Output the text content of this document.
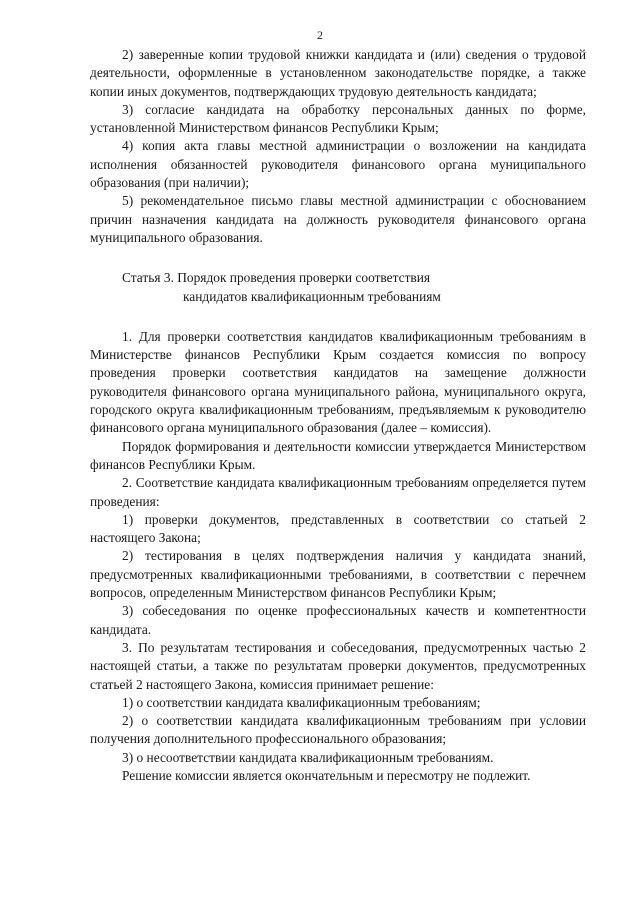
2

2) заверенные копии трудовой книжки кандидата и (или) сведения о трудовой деятельности, оформленные в установленном законодательстве порядке, а также копии иных документов, подтверждающих трудовую деятельность кандидата;

3) согласие кандидата на обработку персональных данных по форме, установленной Министерством финансов Республики Крым;

4) копия акта главы местной администрации о возложении на кандидата исполнения обязанностей руководителя финансового органа муниципального образования (при наличии);

5) рекомендательное письмо главы местной администрации с обоснованием причин назначения кандидата на должность руководителя финансового органа муниципального образования.

Статья 3. Порядок проведения проверки соответствия
кандидатов квалификационным требованиям

1. Для проверки соответствия кандидатов квалификационным требованиям в Министерстве финансов Республики Крым создается комиссия по вопросу проведения проверки соответствия кандидатов на замещение должности руководителя финансового органа муниципального района, муниципального округа, городского округа квалификационным требованиям, предъявляемым к руководителю финансового органа муниципального образования (далее – комиссия).

Порядок формирования и деятельности комиссии утверждается Министерством финансов Республики Крым.

2. Соответствие кандидата квалификационным требованиям определяется путем проведения:

1) проверки документов, представленных в соответствии со статьей 2 настоящего Закона;

2) тестирования в целях подтверждения наличия у кандидата знаний, предусмотренных квалификационными требованиями, в соответствии с перечнем вопросов, определенным Министерством финансов Республики Крым;

3) собеседования по оценке профессиональных качеств и компетентности кандидата.

3. По результатам тестирования и собеседования, предусмотренных частью 2 настоящей статьи, а также по результатам проверки документов, предусмотренных статьей 2 настоящего Закона, комиссия принимает решение:

1) о соответствии кандидата квалификационным требованиям;

2) о соответствии кандидата квалификационным требованиям при условии получения дополнительного профессионального образования;

3) о несоответствии кандидата квалификационным требованиям.

Решение комиссии является окончательным и пересмотру не подлежит.
